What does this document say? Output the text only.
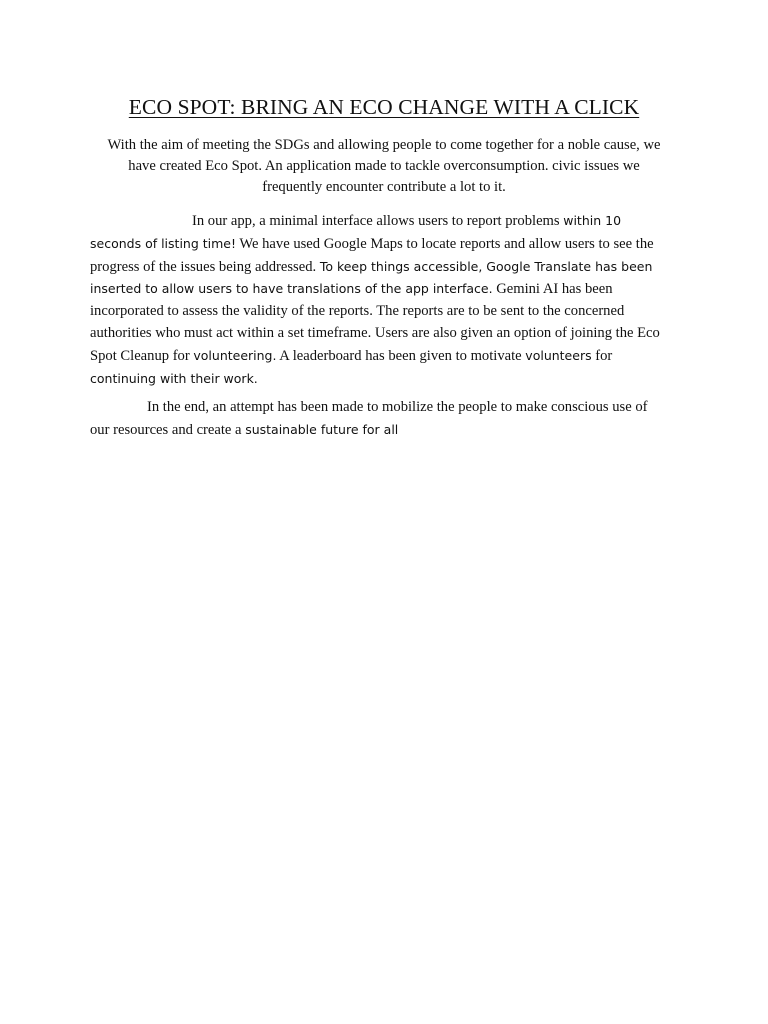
ECO SPOT: BRING AN ECO CHANGE WITH A CLICK

With the aim of meeting the SDGs and allowing people to come together for a noble cause, we
have created Eco Spot. An application made to tackle overconsumption. civic issues we
frequently encounter contribute a lot to it.

In our app, a minimal interface allows users to report problems within 10
seconds of listing time! We have used Google Maps to locate reports and allow users to see the
progress of the issues being addressed. To keep things accessible, Google Translate has been
inserted to allow users to have translations of the app interface. Gemini AI has been
incorporated to assess the validity of the reports. The reports are to be sent to the concerned
authorities who must act within a set timeframe. Users are also given an option of joining the Eco
Spot Cleanup for volunteering. A leaderboard has been given to motivate volunteers for
continuing with their work.

In the end, an attempt has been made to mobilize the people to make conscious use of
our resources and create a sustainable future for all
